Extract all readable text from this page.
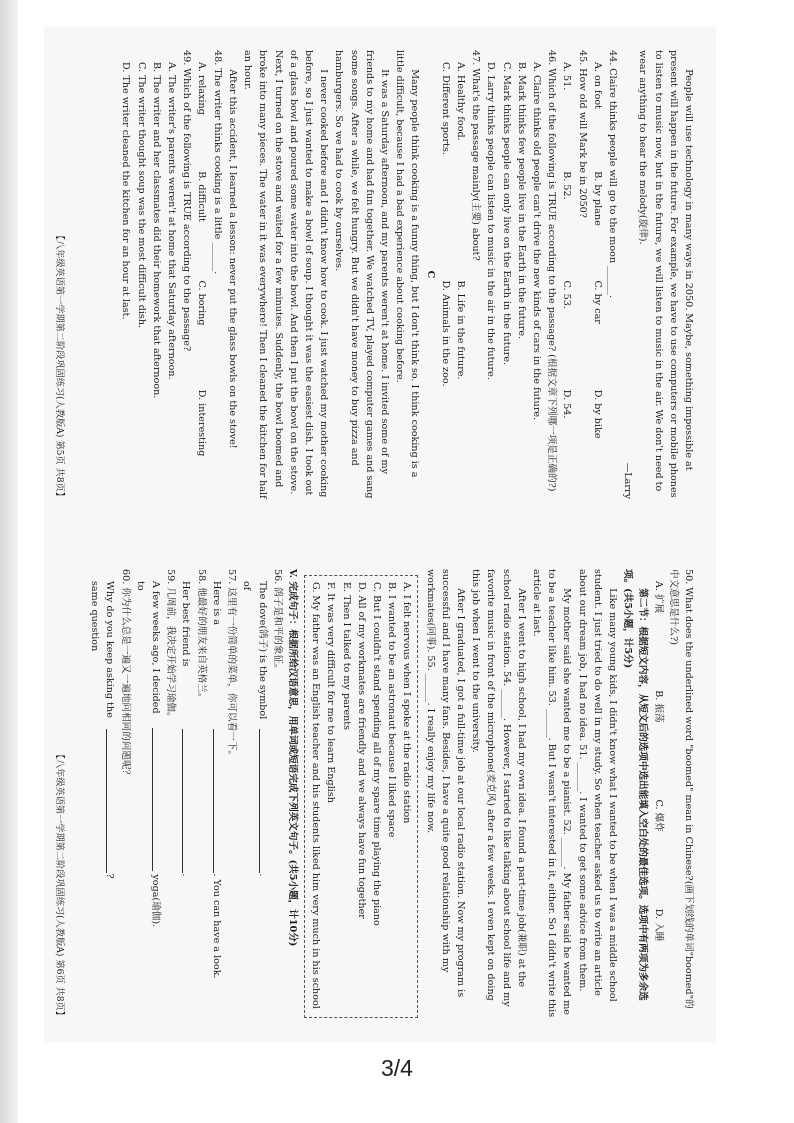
People will use technology in many ways in 2050. Maybe, something impossible at present will happen in the future. For example, we have to use computers or mobile phones to listen to music now, but in the future, we will listen to music in the air. We don't need to wear anything to hear the melody(旋律).

—Larry

44. Claire thinks people will go to the moon ______.

A. on foot
B. by plane
C. by car
D. by bike

45. How old will Mark be in 2050?

A. 51.
B. 52.
C. 53.
D. 54.

46. Which of the following is TRUE according to the passage? (根据文章下列哪一项是正确的?)

A. Claire thinks old people can't drive the new kinds of cars in the future.

B. Mark thinks few people live in the Earth in the future.

C. Mark thinks people can only live on the Earth in the future.

D. Larry thinks people can listen to music in the air in the future.

47. What's the passage mainly(主要) about?

A. Healthy food.
B. Life in the future.
C. Different sports.
D. Animals in the zoo.

C

Many people think cooking is a funny thing, but I don't think so. I think cooking is a little difficult, because I had a bad experience about cooking before.

It was a Saturday afternoon, and my parents weren't at home. I invited some of my friends to my home and had fun together. We watched TV, played computer games and sang some songs. After a while, we felt hungry. But we didn't have money to buy pizza and hamburgers. So we had to cook by ourselves.

I never cooked before and I didn't know how to cook. I just watched my mother cooking before, so I just wanted to make a bowl of soup. I thought it was the easiest dish. I took out of a glass bowl and poured some water into the bowl. And then I put the bowl on the stove. Next, I turned on the stove and waited for a few minutes. Suddenly, the bowl boomed and broke into many pieces. The water in it was everywhere! Then I cleaned the kitchen for half an hour.

After this accident, I learned a lesson: never put the glass bowls on the stove!

48. The writer thinks cooking is a little ______.

A. relaxing
B. difficult
C. boring
D. interesting

49. Which of the following is TRUE according to the passage?

A. The writer's parents weren't at home that Saturday afternoon.

B. The writer and her classmates did their homework that afternoon.

C. The writer thought soup was the most difficult dish.

D. The writer cleaned the kitchen for an hour at last.

【八年级英语第一学期第二阶段巩固练习(人教版A) 第5页 共8页】

50. What does the underlined word "boomed" mean in Chinese?(画下划线的单词"boomed"的中文意思是什么?)

A. 扩展
B. 振荡
C. 爆炸
D. 入睡

第二节：根据短文内容，从短文后的选项中选出能填入空白处的最佳选项。选项中有两项为多余选项。(共5小题，计5分)

Like many young kids, I didn't know what I wanted to be when I was a middle school student. I just tried to do well in my study. So when teacher asked us to write an article about our dream job, I had no idea. 51. ______. I wanted to get some advice from them.

My mother said she wanted me to be a pianist. 52. ______. My father said he wanted me to be a teacher like him. 53. ______. But I wasn't interested in it, either. So I didn't write this article at last.

After I went to high school, I had my own idea. I found a part-time job(兼职) at the school radio station. 54. ______. However, I started to like talking about school life and my favorite music in front of the microphone(麦克风) after a few weeks. I even kept on doing this job when I went to the university.

After I graduated, I got a full-time job at our local radio station. Now my program is successful and I have many fans. Besides, I have a quite good relationship with my workmates(同事). 55. ______. I really enjoy my life now.

A. I felt nervous when I spoke at the radio station

B. I wanted to be an astronaut because I liked space

C. But I couldn't stand spending all of my spare time playing the piano

D. All of my workmates are friendly and we always have fun together

E. Then I talked to my parents

F. It was very difficult for me to learn English

G. My father was an English teacher and his students liked him very much in his school

V. 完成句子：根据所给汉语意思，用单词或短语完成下列英文句子。(共5小题，计10分)

56. 鸽子是和平的象征。

The dove(鸽子) is the symbol of

.

57. 这里有一份简单的菜单，你可以看一下。

Here is a

. You can have a look.

58. 他最好的朋友来自英格兰。

Her best friend is

.

59. 几周前，我决定开始学习瑜伽。

A few weeks ago, I decided to

yoga(瑜伽).

60. 你为什么总是一遍又一遍地问相同的问题呢？

Why do you keep asking the same question

?

【八年级英语第一学期第二阶段巩固练习(人教版A) 第6页 共8页】
3/4
